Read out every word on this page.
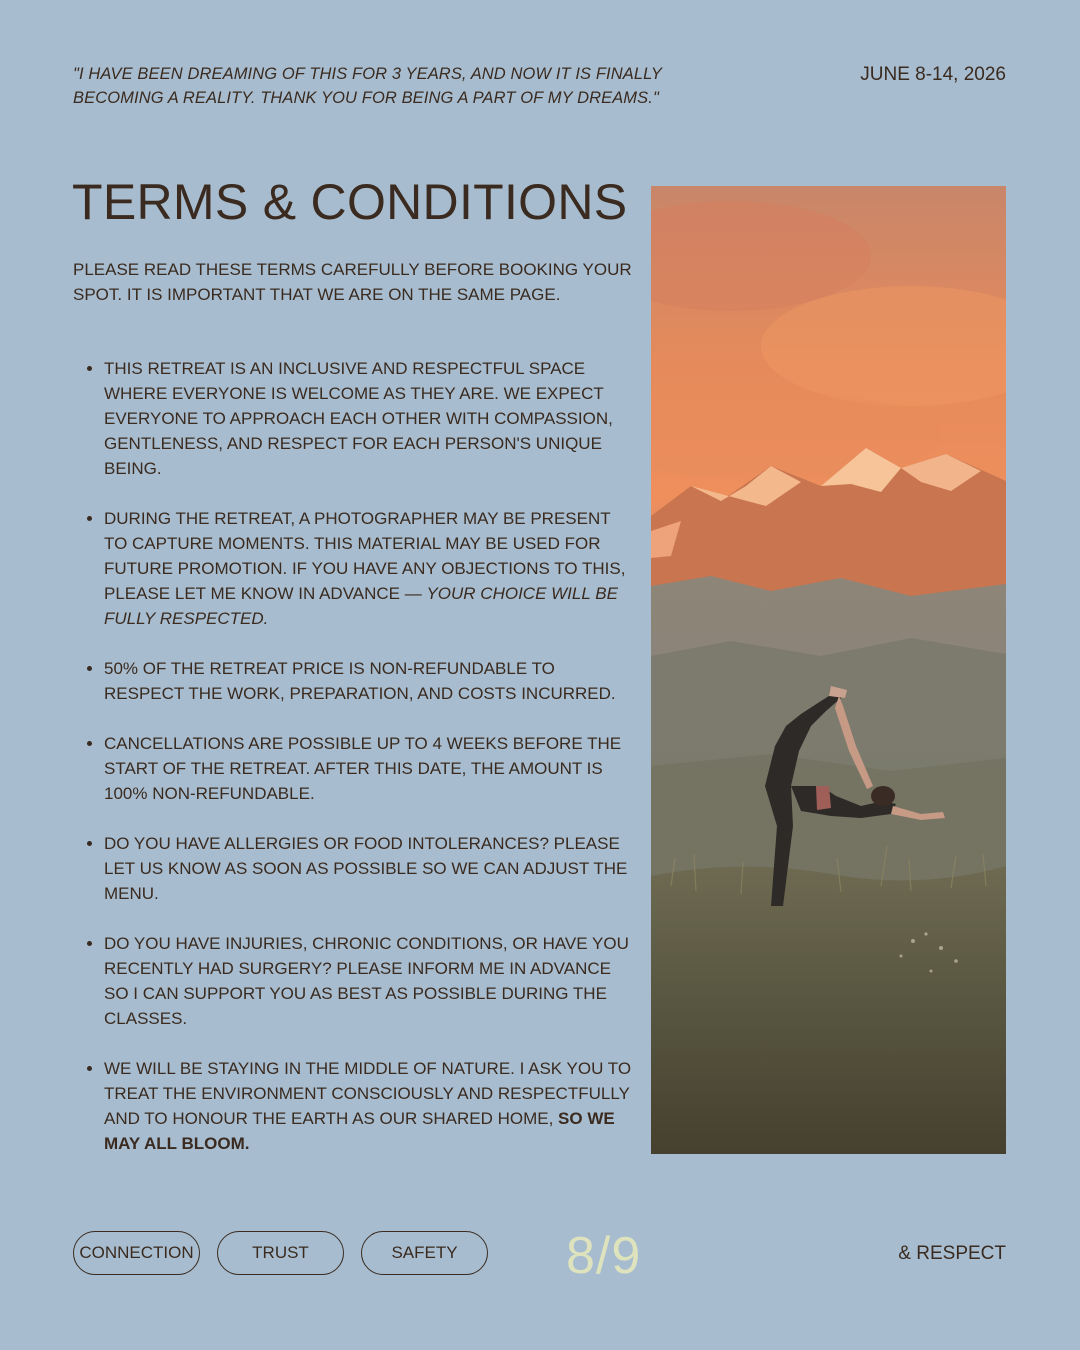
"I HAVE BEEN DREAMING OF THIS FOR 3 YEARS, AND NOW IT IS FINALLY BECOMING A REALITY. THANK YOU FOR BEING A PART OF MY DREAMS."
JUNE 8-14, 2026
TERMS & CONDITIONS

PLEASE READ THESE TERMS CAREFULLY BEFORE BOOKING YOUR SPOT. IT IS IMPORTANT THAT WE ARE ON THE SAME PAGE.

• THIS RETREAT IS AN INCLUSIVE AND RESPECTFUL SPACE WHERE EVERYONE IS WELCOME AS THEY ARE. WE EXPECT EVERYONE TO APPROACH EACH OTHER WITH COMPASSION, GENTLENESS, AND RESPECT FOR EACH PERSON'S UNIQUE BEING.
• DURING THE RETREAT, A PHOTOGRAPHER MAY BE PRESENT TO CAPTURE MOMENTS. THIS MATERIAL MAY BE USED FOR FUTURE PROMOTION. IF YOU HAVE ANY OBJECTIONS TO THIS, PLEASE LET ME KNOW IN ADVANCE — YOUR CHOICE WILL BE FULLY RESPECTED.
• 50% OF THE RETREAT PRICE IS NON-REFUNDABLE TO RESPECT THE WORK, PREPARATION, AND COSTS INCURRED.
• CANCELLATIONS ARE POSSIBLE UP TO 4 WEEKS BEFORE THE START OF THE RETREAT. AFTER THIS DATE, THE AMOUNT IS 100% NON-REFUNDABLE.
• DO YOU HAVE ALLERGIES OR FOOD INTOLERANCES? PLEASE LET US KNOW AS SOON AS POSSIBLE SO WE CAN ADJUST THE MENU.
• DO YOU HAVE INJURIES, CHRONIC CONDITIONS, OR HAVE YOU RECENTLY HAD SURGERY? PLEASE INFORM ME IN ADVANCE SO I CAN SUPPORT YOU AS BEST AS POSSIBLE DURING THE CLASSES.
• WE WILL BE STAYING IN THE MIDDLE OF NATURE. I ASK YOU TO TREAT THE ENVIRONMENT CONSCIOUSLY AND RESPECTFULLY AND TO HONOUR THE EARTH AS OUR SHARED HOME, SO WE MAY ALL BLOOM.
CONNECTION	TRUST	SAFETY	8/9	& RESPECT
